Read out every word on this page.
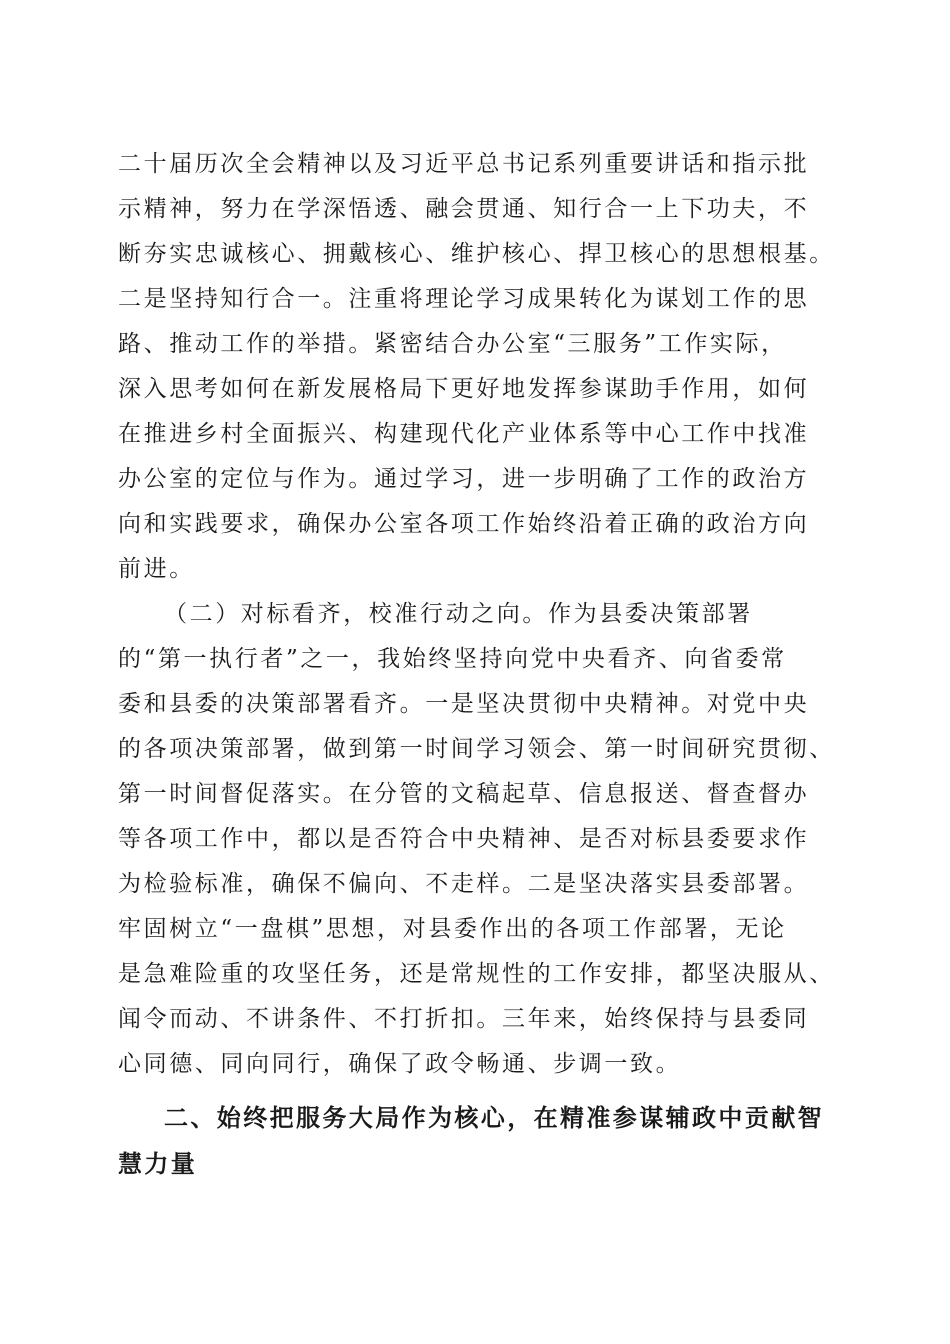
二十届历次全会精神以及习近平总书记系列重要讲话和指示批
示精神，努力在学深悟透、融会贯通、知行合一上下功夫，不
断夯实忠诚核心、拥戴核心、维护核心、捍卫核心的思想根基。
二是坚持知行合一。注重将理论学习成果转化为谋划工作的思
路、推动工作的举措。紧密结合办公室“三服务”工作实际，
深入思考如何在新发展格局下更好地发挥参谋助手作用，如何
在推进乡村全面振兴、构建现代化产业体系等中心工作中找准
办公室的定位与作为。通过学习，进一步明确了工作的政治方
向和实践要求，确保办公室各项工作始终沿着正确的政治方向
前进。
（二）对标看齐，校准行动之向。作为县委决策部署
的“第一执行者”之一，我始终坚持向党中央看齐、向省委常
委和县委的决策部署看齐。一是坚决贯彻中央精神。对党中央
的各项决策部署，做到第一时间学习领会、第一时间研究贯彻、
第一时间督促落实。在分管的文稿起草、信息报送、督查督办
等各项工作中，都以是否符合中央精神、是否对标县委要求作
为检验标准，确保不偏向、不走样。二是坚决落实县委部署。
牢固树立“一盘棋”思想，对县委作出的各项工作部署，无论
是急难险重的攻坚任务，还是常规性的工作安排，都坚决服从、
闻令而动、不讲条件、不打折扣。三年来，始终保持与县委同
心同德、同向同行，确保了政令畅通、步调一致。
二、始终把服务大局作为核心，在精准参谋辅政中贡献智
慧力量
